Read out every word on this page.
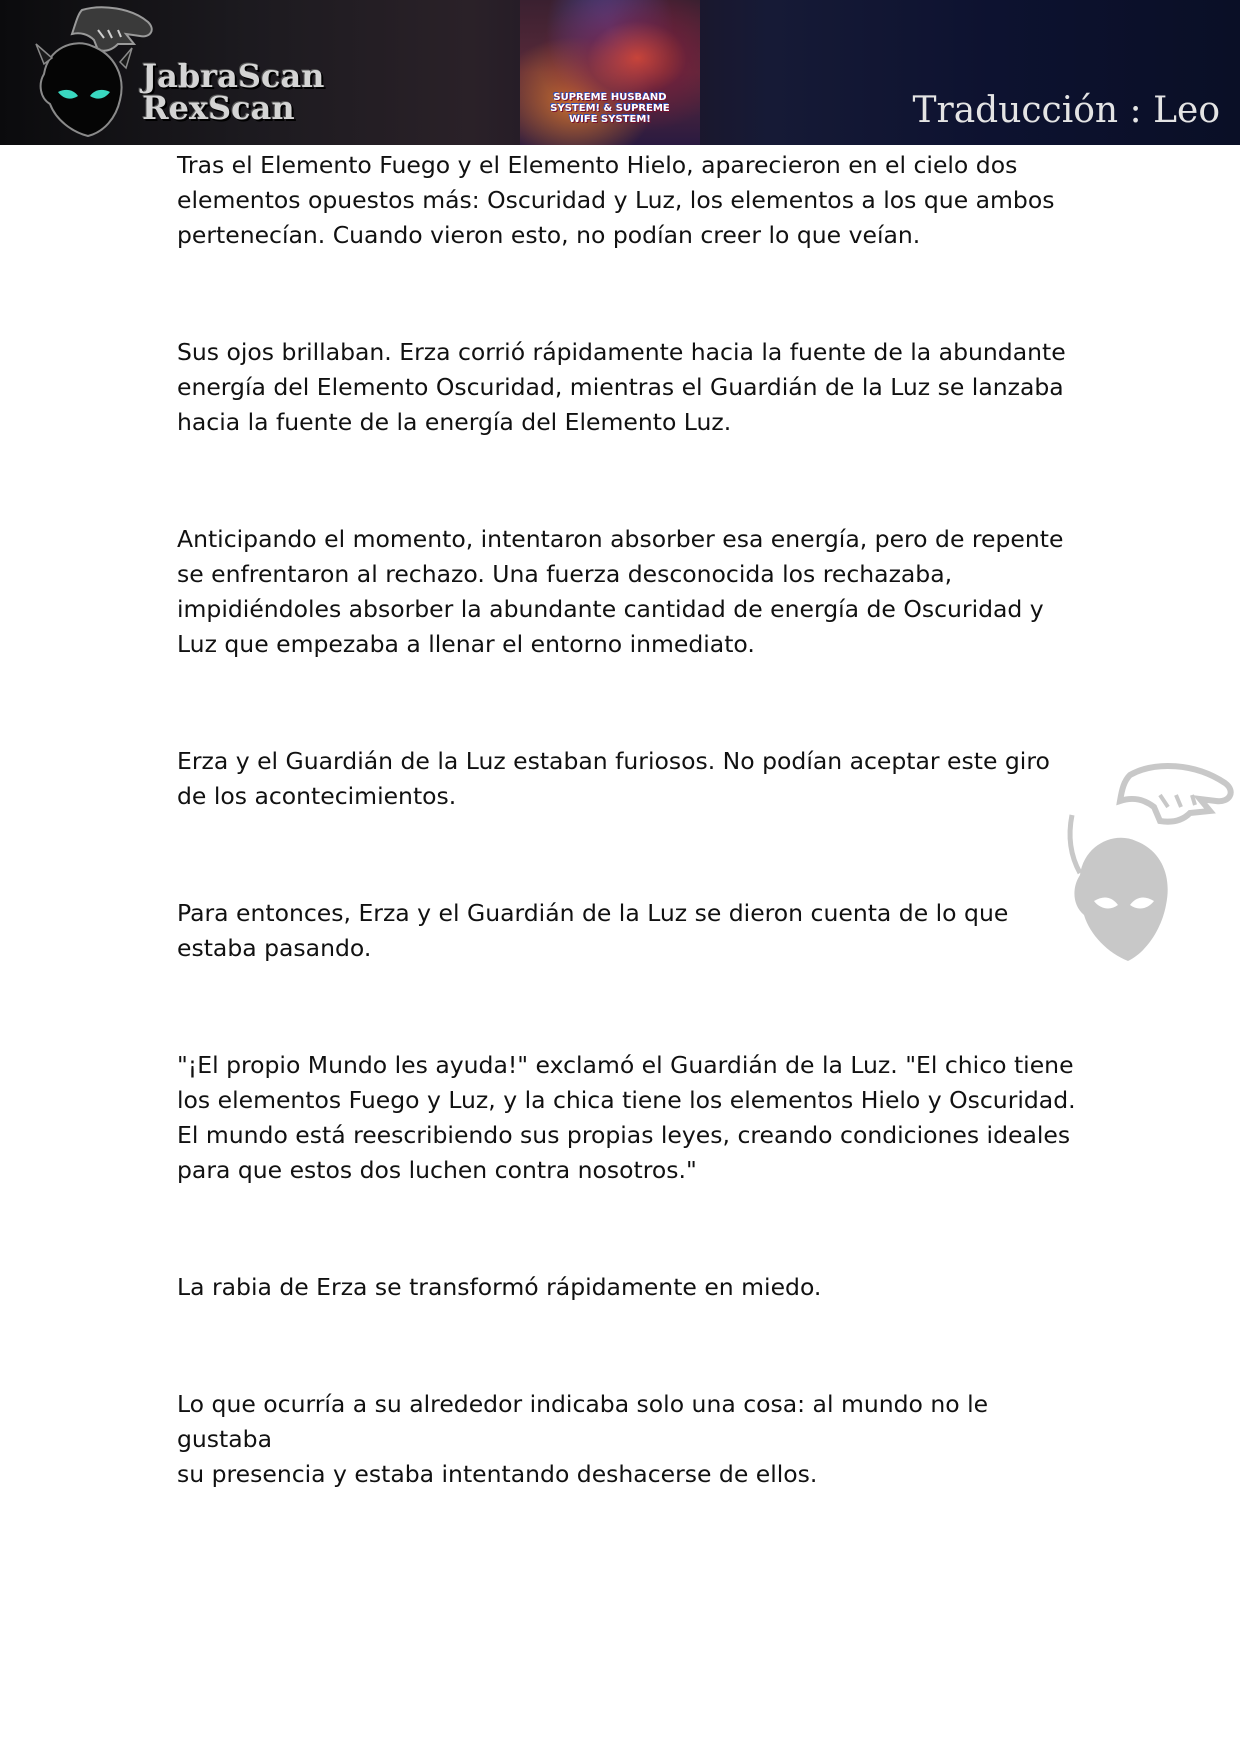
JabraScan
RexScan	SUPREME HUSBAND
SYSTEM! & SUPREME
WIFE SYSTEM!	Traducción : Leo

Tras el Elemento Fuego y el Elemento Hielo, aparecieron en el cielo dos
elementos opuestos más: Oscuridad y Luz, los elementos a los que ambos
pertenecían. Cuando vieron esto, no podían creer lo que veían.

Sus ojos brillaban. Erza corrió rápidamente hacia la fuente de la abundante
energía del Elemento Oscuridad, mientras el Guardián de la Luz se lanzaba
hacia la fuente de la energía del Elemento Luz.

Anticipando el momento, intentaron absorber esa energía, pero de repente
se enfrentaron al rechazo. Una fuerza desconocida los rechazaba,
impidiéndoles absorber la abundante cantidad de energía de Oscuridad y
Luz que empezaba a llenar el entorno inmediato.

Erza y el Guardián de la Luz estaban furiosos. No podían aceptar este giro
de los acontecimientos.

Para entonces, Erza y el Guardián de la Luz se dieron cuenta de lo que
estaba pasando.

"¡El propio Mundo les ayuda!" exclamó el Guardián de la Luz. "El chico tiene
los elementos Fuego y Luz, y la chica tiene los elementos Hielo y Oscuridad.
El mundo está reescribiendo sus propias leyes, creando condiciones ideales
para que estos dos luchen contra nosotros."

La rabia de Erza se transformó rápidamente en miedo.

Lo que ocurría a su alrededor indicaba solo una cosa: al mundo no le gustaba
su presencia y estaba intentando deshacerse de ellos.
